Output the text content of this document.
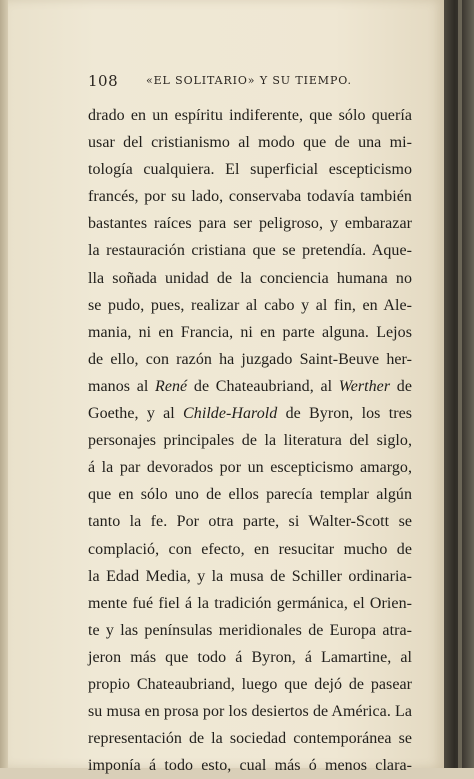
108	«EL SOLITARIO» Y SU TIEMPO.
drado en un espíritu indiferente, que sólo quería
usar del cristianismo al modo que de una mi-
tología cualquiera. El superficial escepticismo
francés, por su lado, conservaba todavía también
bastantes raíces para ser peligroso, y embarazar
la restauración cristiana que se pretendía. Aque-
lla soñada unidad de la conciencia humana no
se pudo, pues, realizar al cabo y al fin, en Ale-
mania, ni en Francia, ni en parte alguna. Lejos
de ello, con razón ha juzgado Saint-Beuve her-
manos al René de Chateaubriand, al Werther de
Goethe, y al Childe-Harold de Byron, los tres
personajes principales de la literatura del siglo,
á la par devorados por un escepticismo amargo,
que en sólo uno de ellos parecía templar algún
tanto la fe. Por otra parte, si Walter-Scott se
complació, con efecto, en resucitar mucho de
la Edad Media, y la musa de Schiller ordinaria-
mente fué fiel á la tradición germánica, el Orien-
te y las penínsulas meridionales de Europa atra-
jeron más que todo á Byron, á Lamartine, al
propio Chateaubriand, luego que dejó de pasear
su musa en prosa por los desiertos de América. La
representación de la sociedad contemporánea se
imponía á todo esto, cual más ó menos clara-
